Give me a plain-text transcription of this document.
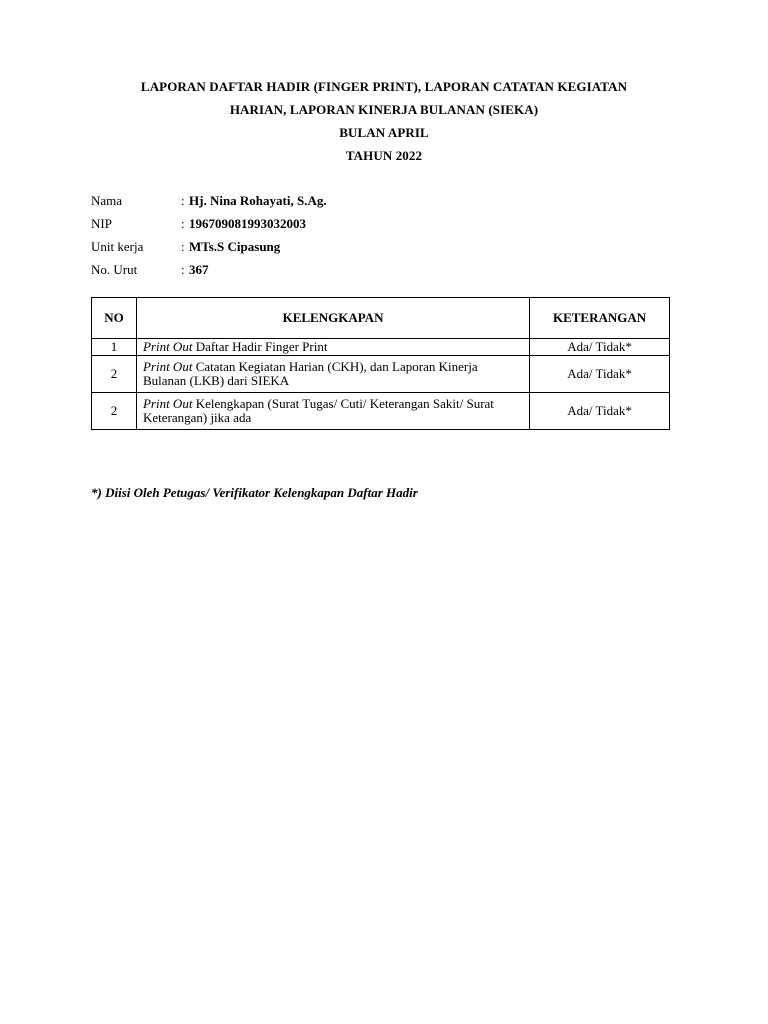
LAPORAN DAFTAR HADIR (FINGER PRINT), LAPORAN CATATAN KEGIATAN
HARIAN, LAPORAN KINERJA BULANAN (SIEKA)
BULAN APRIL
TAHUN 2022
Nama	: Hj. Nina Rohayati, S.Ag.
NIP	: 196709081993032003
Unit kerja	: MTs.S Cipasung
No. Urut	: 367
NO	KELENGKAPAN	KETERANGAN
1	Print Out Daftar Hadir Finger Print	Ada/ Tidak*
2	Print Out Catatan Kegiatan Harian (CKH), dan Laporan Kinerja Bulanan (LKB) dari SIEKA	Ada/ Tidak*
2	Print Out Kelengkapan (Surat Tugas/ Cuti/ Keterangan Sakit/ Surat Keterangan) jika ada	Ada/ Tidak*
*) Diisi Oleh Petugas/ Verifikator Kelengkapan Daftar Hadir
